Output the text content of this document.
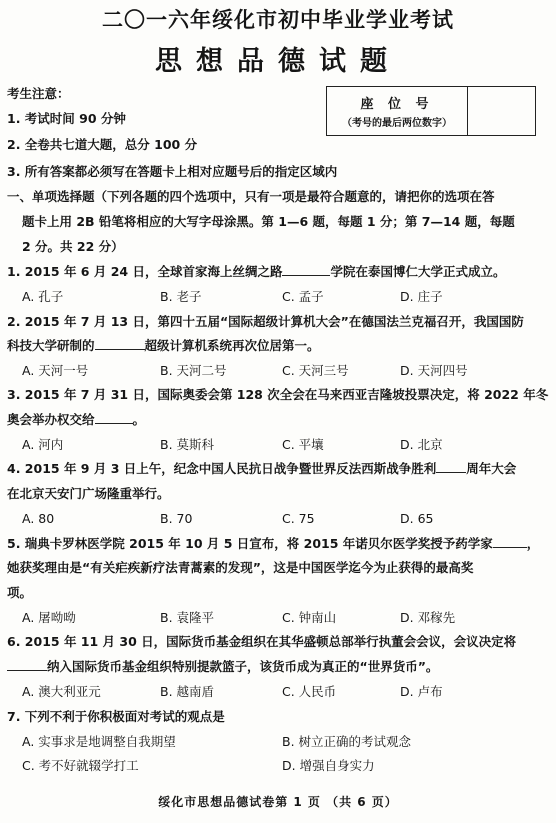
二〇一六年绥化市初中毕业学业考试
思想品德试题
座 位 号
（考号的最后两位数字）
考生注意：
1. 考试时间 90 分钟
2. 全卷共七道大题，总分 100 分
3. 所有答案都必须写在答题卡上相对应题号后的指定区域内
一、单项选择题（下列各题的四个选项中，只有一项是最符合题意的，请把你的选项在答
题卡上用 2B 铅笔将相应的大写字母涂黑。第 1—6 题，每题 1 分；第 7—14 题，每题
2 分。共 22 分）
1. 2015 年 6 月 24 日，全球首家海上丝绸之路	学院在泰国博仁大学正式成立。
A. 孔子	B. 老子	C. 孟子	D. 庄子
2. 2015 年 7 月 13 日，第四十五届“国际超级计算机大会”在德国法兰克福召开，我国国防
科技大学研制的	超级计算机系统再次位居第一。
A. 天河一号	B. 天河二号	C. 天河三号	D. 天河四号
3. 2015 年 7 月 31 日，国际奥委会第 128 次全会在马来西亚吉隆坡投票决定，将 2022 年冬
奥会举办权交给	。
A. 河内	B. 莫斯科	C. 平壤	D. 北京
4. 2015 年 9 月 3 日上午，纪念中国人民抗日战争暨世界反法西斯战争胜利 周年大会
在北京天安门广场隆重举行。
A. 80	B. 70	C. 75	D. 65
5. 瑞典卡罗林医学院 2015 年 10 月 5 日宣布，将 2015 年诺贝尔医学奖授予药学家	，
她获奖理由是“有关疟疾新疗法青蒿素的发现”，这是中国医学迄今为止获得的最高奖
项。
A. 屠呦呦	B. 袁隆平	C. 钟南山	D. 邓稼先
6. 2015 年 11 月 30 日，国际货币基金组织在其华盛顿总部举行执董会会议，会议决定将
纳入国际货币基金组织特别提款篮子，该货币成为真正的“世界货币”。
A. 澳大利亚元	B. 越南盾	C. 人民币	D. 卢布
7. 下列不利于你积极面对考试的观点是
A. 实事求是地调整自我期望	B. 树立正确的考试观念
C. 考不好就辍学打工	D. 增强自身实力
绥化市思想品德试卷第 1 页 （共 6 页）
